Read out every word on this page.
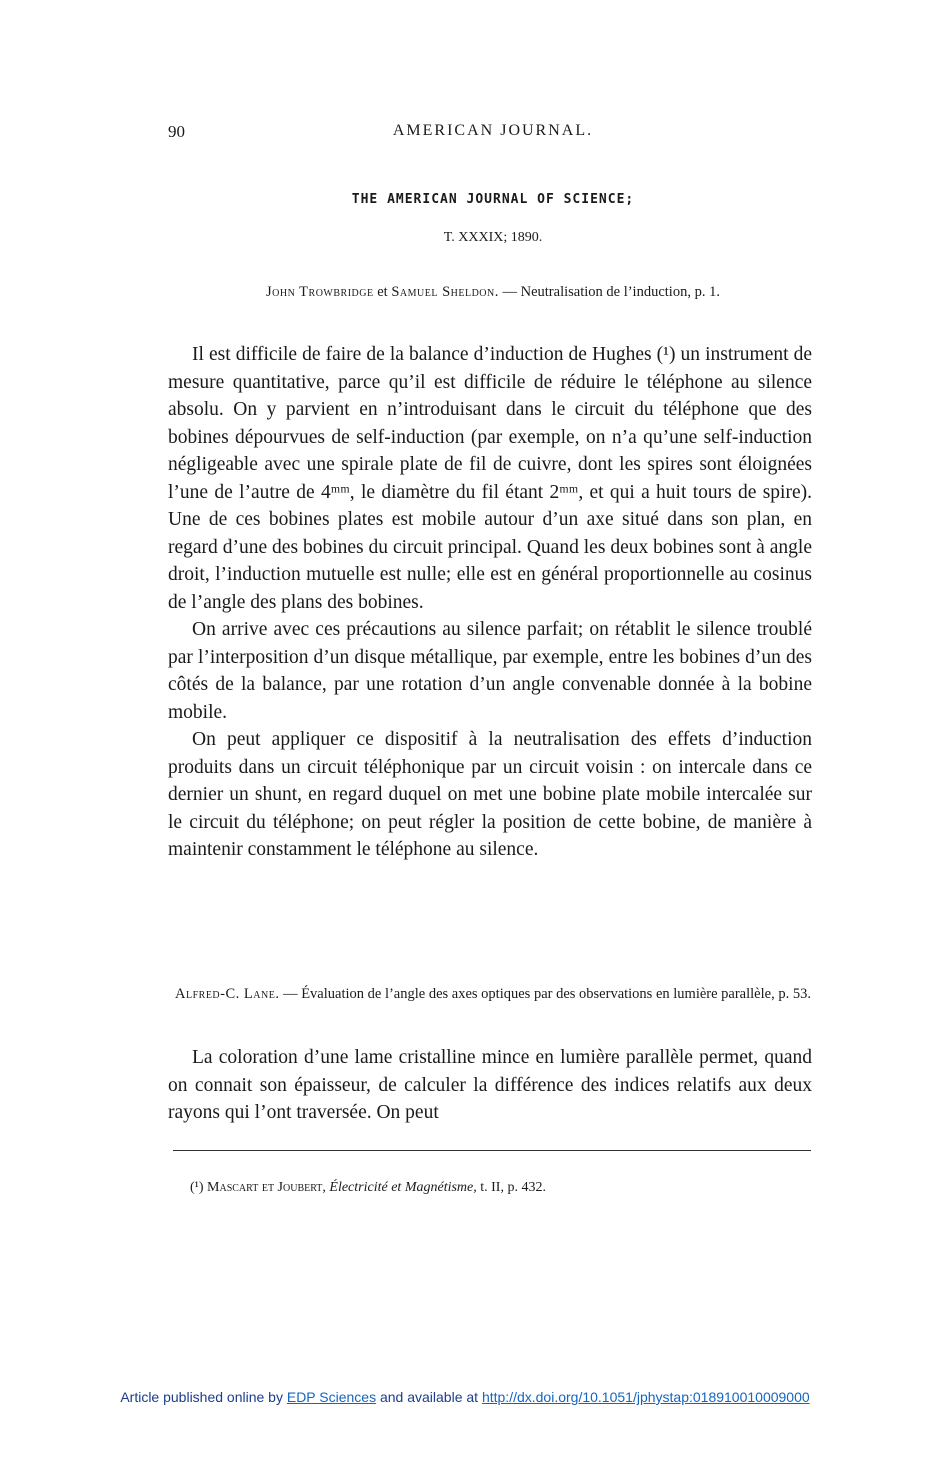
90	AMERICAN JOURNAL.
THE AMERICAN JOURNAL OF SCIENCE;
T. XXXIX; 1890.
John Trowbridge et Samuel Sheldon. — Neutralisation de l’induction, p. 1.

Il est difficile de faire de la balance d’induction de Hughes (¹) un instrument de mesure quantitative, parce qu’il est difficile de réduire le téléphone au silence absolu. On y parvient en n’introduisant dans le circuit du téléphone que des bobines dépourvues de self-induction (par exemple, on n’a qu’une self-induction négligeable avec une spirale plate de fil de cuivre, dont les spires sont éloignées l’une de l’autre de 4ᵐᵐ, le diamètre du fil étant 2ᵐᵐ, et qui a huit tours de spire). Une de ces bobines plates est mobile autour d’un axe situé dans son plan, en regard d’une des bobines du circuit principal. Quand les deux bobines sont à angle droit, l’induction mutuelle est nulle; elle est en général proportionnelle au cosinus de l’angle des plans des bobines.

On arrive avec ces précautions au silence parfait; on rétablit le silence troublé par l’interposition d’un disque métallique, par exemple, entre les bobines d’un des côtés de la balance, par une rotation d’un angle convenable donnée à la bobine mobile.

On peut appliquer ce dispositif à la neutralisation des effets d’induction produits dans un circuit téléphonique par un circuit voisin : on intercale dans ce dernier un shunt, en regard duquel on met une bobine plate mobile intercalée sur le circuit du téléphone; on peut régler la position de cette bobine, de manière à maintenir constamment le téléphone au silence.

Alfred-C. Lane. — Évaluation de l’angle des axes optiques par des observations en lumière parallèle, p. 53.

La coloration d’une lame cristalline mince en lumière parallèle permet, quand on connait son épaisseur, de calculer la différence des indices relatifs aux deux rayons qui l’ont traversée. On peut

(¹) Mascart et Joubert, Électricité et Magnétisme, t. II, p. 432.
Article published online by EDP Sciences and available at http://dx.doi.org/10.1051/jphystap:018910010009000
